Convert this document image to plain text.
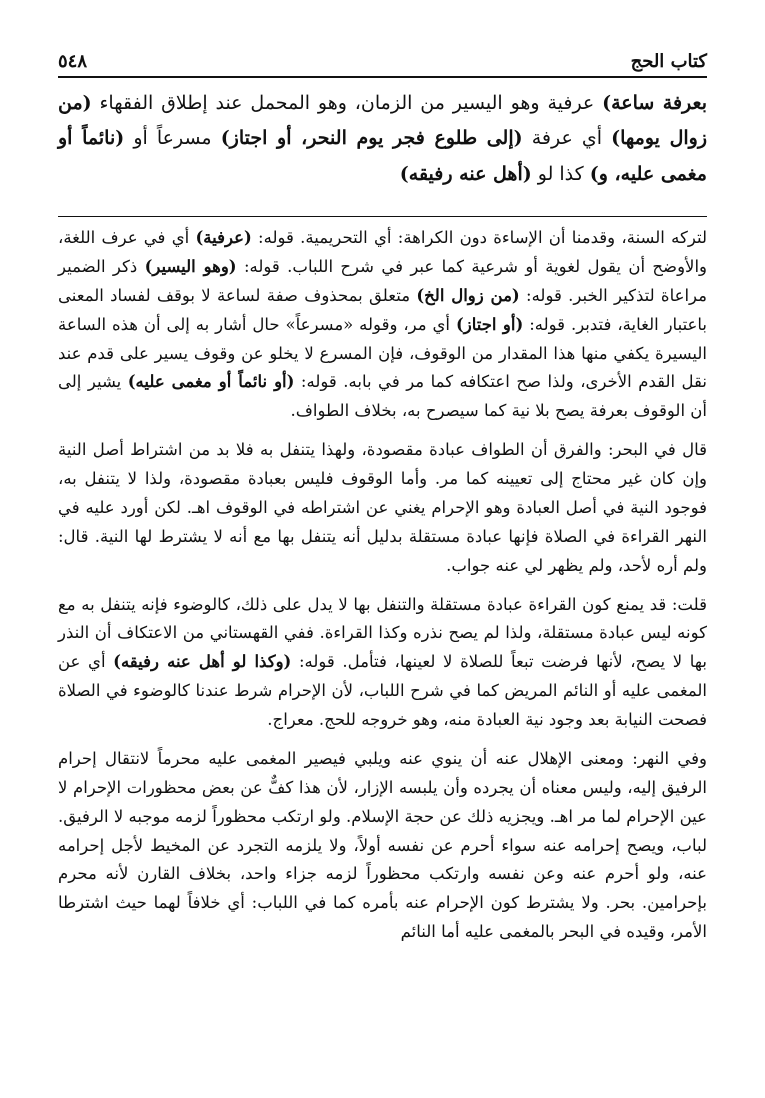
كتاب الحج
٥٤٨
بعرفة ساعة) عرفية وهو اليسير من الزمان، وهو المحمل عند إطلاق الفقهاء (من زوال يومها) أي عرفة (إلى طلوع فجر يوم النحر، أو اجتاز) مسرعاً أو (نائماً أو مغمى عليه، و) كذا لو (أهل عنه رفيقه)

لتركه السنة، وقدمنا أن الإساءة دون الكراهة: أي التحريمية. قوله: (عرفية) أي في عرف اللغة، والأوضح أن يقول لغوية أو شرعية كما عبر في شرح اللباب. قوله: (وهو اليسير) ذكر الضمير مراعاة لتذكير الخبر. قوله: (من زوال الخ) متعلق بمحذوف صفة لساعة لا بوقف لفساد المعنى باعتبار الغاية، فتدبر. قوله: (أو اجتاز) أي مر، وقوله «مسرعاً» حال أشار به إلى أن هذه الساعة اليسيرة يكفي منها هذا المقدار من الوقوف، فإن المسرع لا يخلو عن وقوف يسير على قدم عند نقل القدم الأخرى، ولذا صح اعتكافه كما مر في بابه. قوله: (أو نائماً أو مغمى عليه) يشير إلى أن الوقوف بعرفة يصح بلا نية كما سيصرح به، بخلاف الطواف.

قال في البحر: والفرق أن الطواف عبادة مقصودة، ولهذا يتنفل به فلا بد من اشتراط أصل النية وإن كان غير محتاج إلى تعيينه كما مر. وأما الوقوف فليس بعبادة مقصودة، ولذا لا يتنفل به، فوجود النية في أصل العبادة وهو الإحرام يغني عن اشتراطه في الوقوف اهـ. لكن أورد عليه في النهر القراءة في الصلاة فإنها عبادة مستقلة بدليل أنه يتنفل بها مع أنه لا يشترط لها النية. قال: ولم أره لأحد، ولم يظهر لي عنه جواب.

قلت: قد يمنع كون القراءة عبادة مستقلة والتنفل بها لا يدل على ذلك، كالوضوء فإنه يتنفل به مع كونه ليس عبادة مستقلة، ولذا لم يصح نذره وكذا القراءة. ففي القهستاني من الاعتكاف أن النذر بها لا يصح، لأنها فرضت تبعاً للصلاة لا لعينها، فتأمل. قوله: (وكذا لو أهل عنه رفيقه) أي عن المغمى عليه أو النائم المريض كما في شرح اللباب، لأن الإحرام شرط عندنا كالوضوء في الصلاة فصحت النيابة بعد وجود نية العبادة منه، وهو خروجه للحج. معراج.

وفي النهر: ومعنى الإهلال عنه أن ينوي عنه ويلبي فيصير المغمى عليه محرماً لانتقال إحرام الرفيق إليه، وليس معناه أن يجرده وأن يلبسه الإزار، لأن هذا كفٌّ عن بعض محظورات الإحرام لا عين الإحرام لما مر اهـ. ويجزيه ذلك عن حجة الإسلام. ولو ارتكب محظوراً لزمه موجبه لا الرفيق. لباب، ويصح إحرامه عنه سواء أحرم عن نفسه أولاً، ولا يلزمه التجرد عن المخيط لأجل إحرامه عنه، ولو أحرم عنه وعن نفسه وارتكب محظوراً لزمه جزاء واحد، بخلاف القارن لأنه محرم بإحرامين. بحر. ولا يشترط كون الإحرام عنه بأمره كما في اللباب: أي خلافاً لهما حيث اشترطا الأمر، وقيده في البحر بالمغمى عليه أما النائم
